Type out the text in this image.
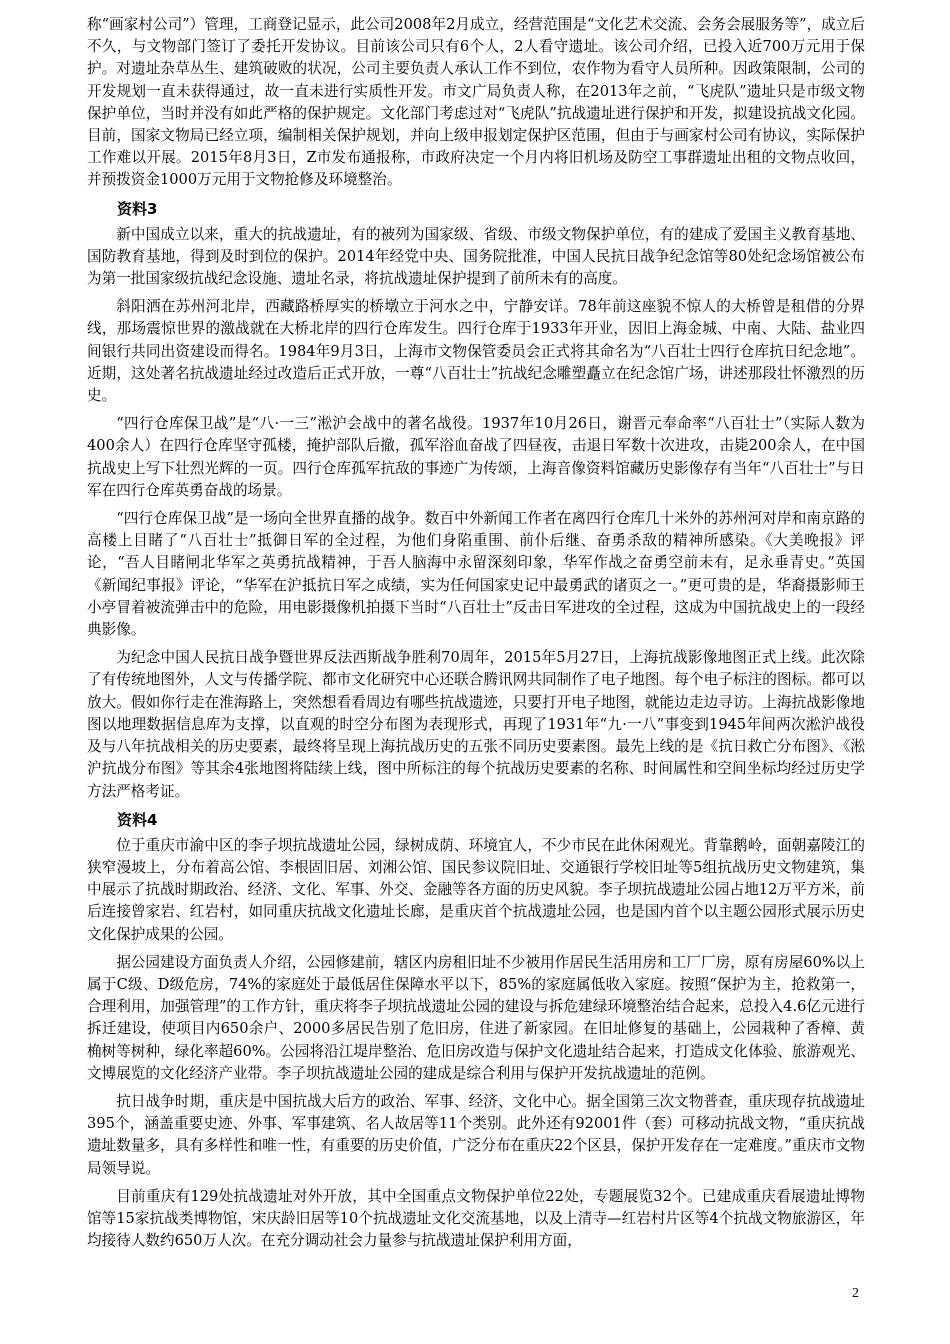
称“画家村公司”）管理，工商登记显示，此公司2008年2月成立，经营范围是“文化艺术交流、会务会展服务等”，成立后不久，与文物部门签订了委托开发协议。目前该公司只有6个人，2人看守遗址。该公司介绍，已投入近700万元用于保护。对遗址杂草丛生、建筑破败的状况，公司主要负责人承认工作不到位，农作物为看守人员所种。因政策限制，公司的开发规划一直未获得通过，故一直未进行实质性开发。市文广局负责人称，在2013年之前，“飞虎队”遗址只是市级文物保护单位，当时并没有如此严格的保护规定。文化部门考虑过对“飞虎队”抗战遗址进行保护和开发，拟建设抗战文化园。目前，国家文物局已经立项，编制相关保护规划，并向上级申报划定保护区范围，但由于与画家村公司有协议，实际保护工作难以开展。2015年8月3日，Z市发布通报称，市政府决定一个月内将旧机场及防空工事群遗址出租的文物点收回，并预拨资金1000万元用于文物抢修及环境整治。

资料3

新中国成立以来，重大的抗战遗址，有的被列为国家级、省级、市级文物保护单位，有的建成了爱国主义教育基地、国防教育基地，得到及时到位的保护。2014年经党中央、国务院批准，中国人民抗日战争纪念馆等80处纪念场馆被公布为第一批国家级抗战纪念设施、遗址名录，将抗战遗址保护提到了前所未有的高度。

斜阳洒在苏州河北岸，西藏路桥厚实的桥墩立于河水之中，宁静安详。78年前这座貌不惊人的大桥曾是租借的分界线，那场震惊世界的激战就在大桥北岸的四行仓库发生。四行仓库于1933年开业，因旧上海金城、中南、大陆、盐业四间银行共同出资建设而得名。1984年9月3日，上海市文物保管委员会正式将其命名为“八百壮士四行仓库抗日纪念地”。近期，这处著名抗战遗址经过改造后正式开放，一尊“八百壮士”抗战纪念雕塑矗立在纪念馆广场，讲述那段壮怀激烈的历史。

“四行仓库保卫战”是“八·一三”淞沪会战中的著名战役。1937年10月26日，谢晋元奉命率“八百壮士”（实际人数为400余人）在四行仓库坚守孤楼，掩护部队后撤，孤军浴血奋战了四昼夜，击退日军数十次进攻，击毙200余人，在中国抗战史上写下壮烈光辉的一页。四行仓库孤军抗敌的事迹广为传颂，上海音像资料馆藏历史影像存有当年“八百壮士”与日军在四行仓库英勇奋战的场景。

“四行仓库保卫战”是一场向全世界直播的战争。数百中外新闻工作者在离四行仓库几十米外的苏州河对岸和南京路的高楼上目睹了“八百壮士”抵御日军的全过程，为他们身陷重围、前仆后继、奋勇杀敌的精神所感染。《大美晚报》评论，“吾人目睹闸北华军之英勇抗战精神，于吾人脑海中永留深刻印象，华军作战之奋勇空前未有，足永垂青史。”英国《新闻纪事报》评论，“华军在沪抵抗日军之成绩，实为任何国家史记中最勇武的诸页之一。”更可贵的是，华裔摄影师王小亭冒着被流弹击中的危险，用电影摄像机拍摄下当时“八百壮士”反击日军进攻的全过程，这成为中国抗战史上的一段经典影像。

为纪念中国人民抗日战争暨世界反法西斯战争胜利70周年，2015年5月27日，上海抗战影像地图正式上线。此次除了有传统地图外，人文与传播学院、都市文化研究中心还联合腾讯网共同制作了电子地图。每个电子标注的图标。都可以放大。假如你行走在淮海路上，突然想看看周边有哪些抗战遗迹，只要打开电子地图，就能边走边寻访。上海抗战影像地图以地理数据信息库为支撑，以直观的时空分布图为表现形式，再现了1931年“九·一八”事变到1945年间两次淞沪战役及与八年抗战相关的历史要素，最终将呈现上海抗战历史的五张不同历史要素图。最先上线的是《抗日救亡分布图》、《淞沪抗战分布图》等其余4张地图将陆续上线，图中所标注的每个抗战历史要素的名称、时间属性和空间坐标均经过历史学方法严格考证。

资料4

位于重庆市渝中区的李子坝抗战遗址公园，绿树成荫、环境宜人，不少市民在此休闲观光。背靠鹅岭，面朝嘉陵江的狭窄漫坡上，分布着高公馆、李根固旧居、刘湘公馆、国民参议院旧址、交通银行学校旧址等5组抗战历史文物建筑，集中展示了抗战时期政治、经济、文化、军事、外交、金融等各方面的历史风貌。李子坝抗战遗址公园占地12万平方米，前后连接曾家岩、红岩村，如同重庆抗战文化遗址长廊，是重庆首个抗战遗址公园，也是国内首个以主题公园形式展示历史文化保护成果的公园。

据公园建设方面负责人介绍，公园修建前，辖区内房租旧址不少被用作居民生活用房和工厂厂房，原有房屋60%以上属于C级、D级危房，74%的家庭处于最低居住保障水平以下，85%的家庭属低收入家庭。按照“保护为主，抢救第一，合理利用，加强管理”的工作方针，重庆将李子坝抗战遗址公园的建设与拆危建绿环境整治结合起来，总投入4.6亿元进行拆迁建设，使项目内650余户、2000多居民告别了危旧房，住进了新家园。在旧址修复的基础上，公园栽种了香樟、黄桷树等树种，绿化率超60%。公园将沿江堤岸整治、危旧房改造与保护文化遗址结合起来，打造成文化体验、旅游观光、文博展览的文化经济产业带。李子坝抗战遗址公园的建成是综合利用与保护开发抗战遗址的范例。

抗日战争时期，重庆是中国抗战大后方的政治、军事、经济、文化中心。据全国第三次文物普查，重庆现存抗战遗址395个，涵盖重要史迹、外事、军事建筑、名人故居等11个类别。此外还有92001件（套）可移动抗战文物，“重庆抗战遗址数量多，具有多样性和唯一性，有重要的历史价值，广泛分布在重庆22个区县，保护开发存在一定难度。”重庆市文物局领导说。

目前重庆有129处抗战遗址对外开放，其中全国重点文物保护单位22处，专题展览32个。已建成重庆看展遗址博物馆等15家抗战类博物馆，宋庆龄旧居等10个抗战遗址文化交流基地，以及上清寺—红岩村片区等4个抗战文物旅游区，年均接待人数约650万人次。在充分调动社会力量参与抗战遗址保护利用方面，

2
